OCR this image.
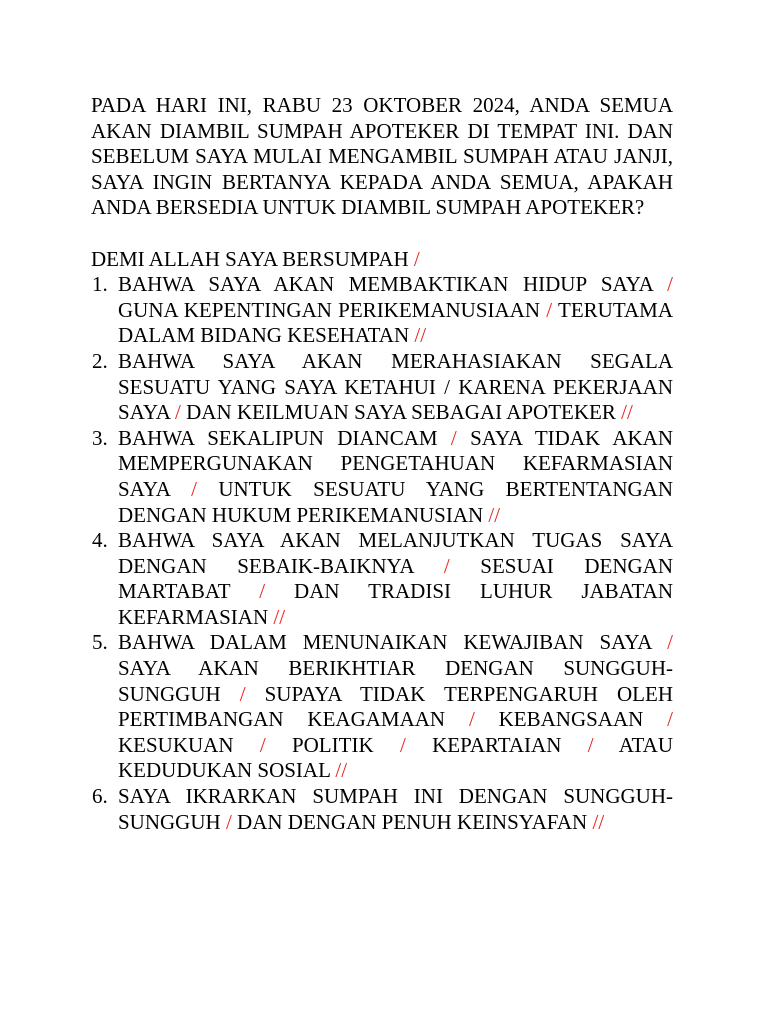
PADA HARI INI, RABU 23 OKTOBER 2024, ANDA SEMUA AKAN DIAMBIL SUMPAH APOTEKER DI TEMPAT INI. DAN SEBELUM SAYA MULAI MENGAMBIL SUMPAH ATAU JANJI, SAYA INGIN BERTANYA KEPADA ANDA SEMUA, APAKAH ANDA BERSEDIA UNTUK DIAMBIL SUMPAH APOTEKER?

DEMI ALLAH SAYA BERSUMPAH /

1. BAHWA SAYA AKAN MEMBAKTIKAN HIDUP SAYA / GUNA KEPENTINGAN PERIKEMANUSIAAN / TERUTAMA DALAM BIDANG KESEHATAN //
2. BAHWA SAYA AKAN MERAHASIAKAN SEGALA SESUATU YANG SAYA KETAHUI / KARENA PEKERJAAN SAYA / DAN KEILMUAN SAYA SEBAGAI APOTEKER //
3. BAHWA SEKALIPUN DIANCAM / SAYA TIDAK AKAN MEMPERGUNAKAN PENGETAHUAN KEFARMASIAN SAYA / UNTUK SESUATU YANG BERTENTANGAN DENGAN HUKUM PERIKEMANUSIAN //
4. BAHWA SAYA AKAN MELANJUTKAN TUGAS SAYA DENGAN SEBAIK-BAIKNYA / SESUAI DENGAN MARTABAT / DAN TRADISI LUHUR JABATAN KEFARMASIAN //
5. BAHWA DALAM MENUNAIKAN KEWAJIBAN SAYA / SAYA AKAN BERIKHTIAR DENGAN SUNGGUH-SUNGGUH / SUPAYA TIDAK TERPENGARUH OLEH PERTIMBANGAN KEAGAMAAN / KEBANGSAAN / KESUKUAN / POLITIK / KEPARTAIAN / ATAU KEDUDUKAN SOSIAL //
6. SAYA IKRARKAN SUMPAH INI DENGAN SUNGGUH-SUNGGUH / DAN DENGAN PENUH KEINSYAFAN //
